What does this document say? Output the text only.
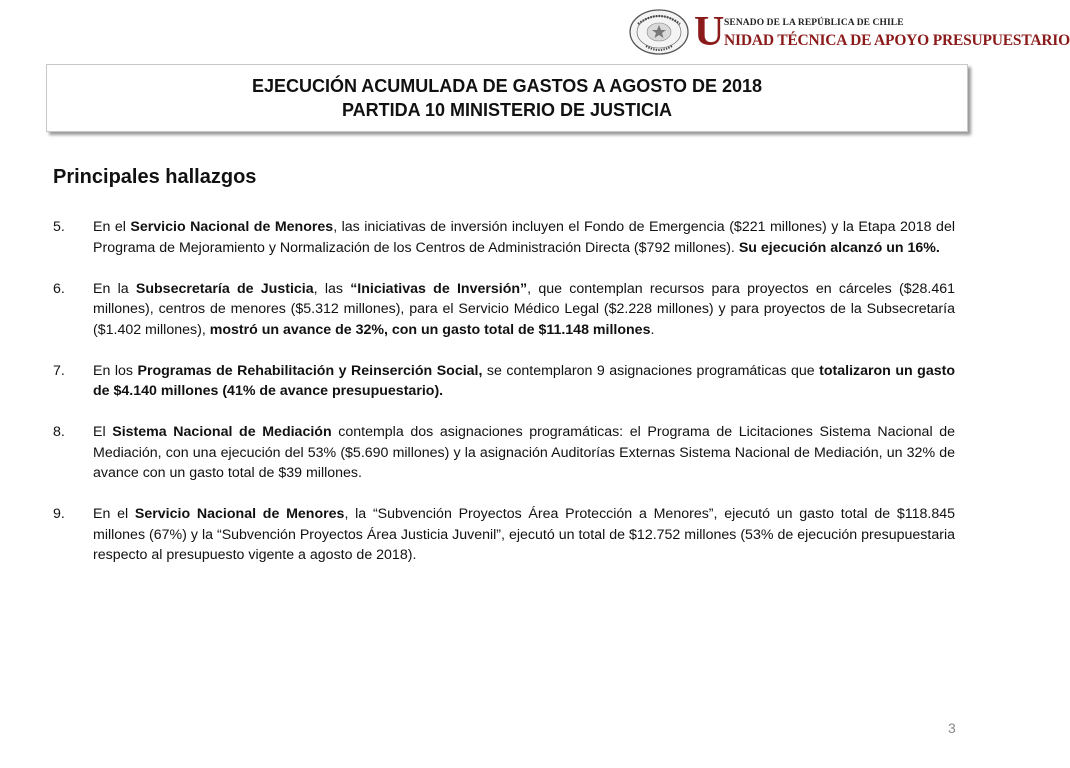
U SENADO DE LA REPÚBLICA DE CHILE
NIDAD TÉCNICA DE APOYO PRESUPUESTARIO
EJECUCIÓN ACUMULADA DE GASTOS A AGOSTO DE 2018
PARTIDA 10 MINISTERIO DE JUSTICIA
Principales hallazgos
5. En el Servicio Nacional de Menores, las iniciativas de inversión incluyen el Fondo de Emergencia ($221 millones) y la Etapa 2018 del Programa de Mejoramiento y Normalización de los Centros de Administración Directa ($792 millones). Su ejecución alcanzó un 16%.
6. En la Subsecretaría de Justicia, las “Iniciativas de Inversión”, que contemplan recursos para proyectos en cárceles ($28.461 millones), centros de menores ($5.312 millones), para el Servicio Médico Legal ($2.228 millones) y para proyectos de la Subsecretaría ($1.402 millones), mostró un avance de 32%, con un gasto total de $11.148 millones.
7. En los Programas de Rehabilitación y Reinserción Social, se contemplaron 9 asignaciones programáticas que totalizaron un gasto de $4.140 millones (41% de avance presupuestario).
8. El Sistema Nacional de Mediación contempla dos asignaciones programáticas: el Programa de Licitaciones Sistema Nacional de Mediación, con una ejecución del 53% ($5.690 millones) y la asignación Auditorías Externas Sistema Nacional de Mediación, un 32% de avance con un gasto total de $39 millones.
9. En el Servicio Nacional de Menores, la “Subvención Proyectos Área Protección a Menores”, ejecutó un gasto total de $118.845 millones (67%) y la “Subvención Proyectos Área Justicia Juvenil”, ejecutó un total de $12.752 millones (53% de ejecución presupuestaria respecto al presupuesto vigente a agosto de 2018).
3
